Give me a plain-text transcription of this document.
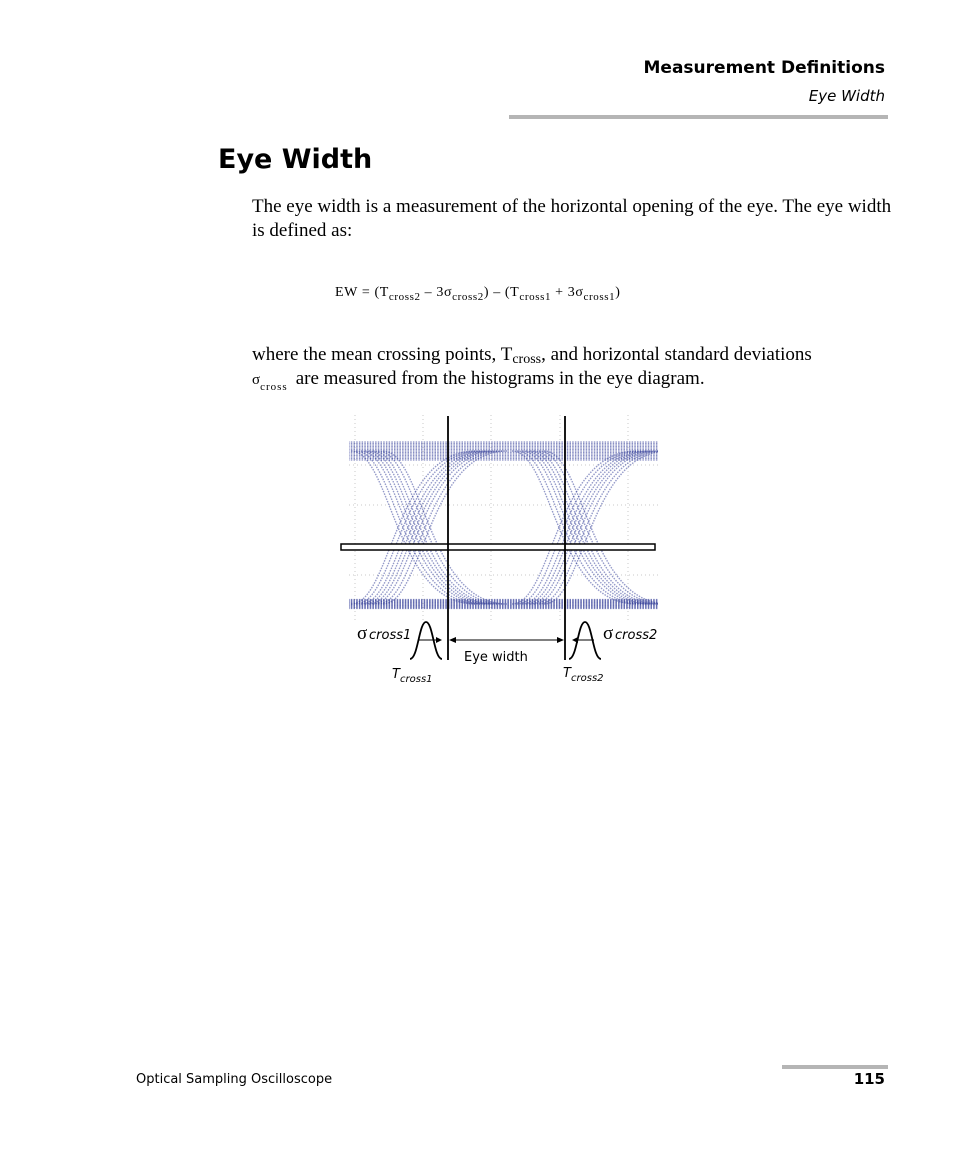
Measurement Definitions
Eye Width
Eye Width

The eye width is a measurement of the horizontal opening of the eye. The eye width is defined as:

EW = $(T_{cross2} - 3\sigma_{cross2}) - (T_{cross1} + 3\sigma_{cross1})$
where the mean crossing points, $T_{cross}$, and horizontal standard deviations
$\sigma_{cross}$ are measured from the histograms in the eye diagram.
σ cross1	σ cross2
Eye width
T cross1	T cross2
Optical Sampling Oscilloscope	115
